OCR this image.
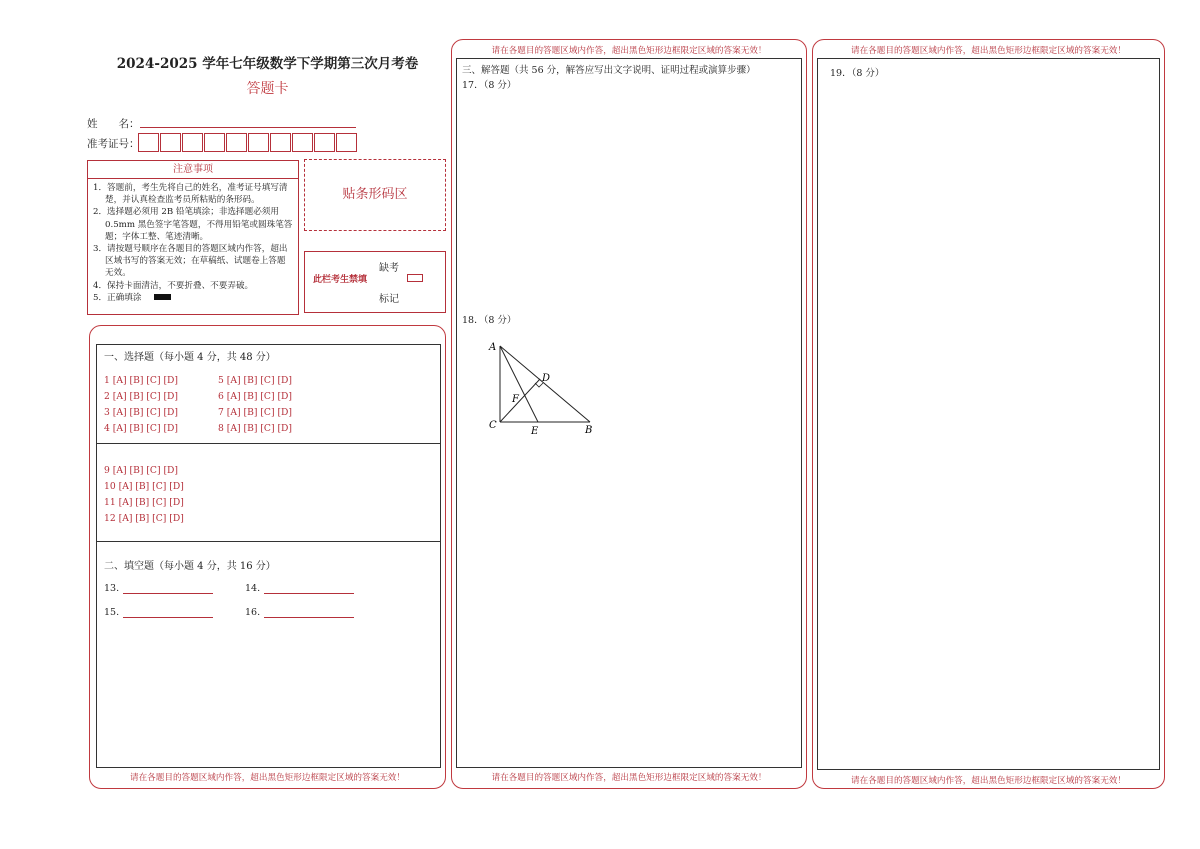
2024-2025 学年七年级数学下学期第三次月考卷
答题卡
姓　　名：
准考证号：
注意事项

1．答题前，考生先将自己的姓名，准考证号填写清楚，并认真检查监考员所粘贴的条形码。

2．选择题必须用 2B 铅笔填涂；非选择题必须用 0.5mm 黑色签字笔答题，不得用铅笔或圆珠笔答题；字体工整、笔迹清晰。

3．请按题号顺序在各题目的答题区域内作答，超出区域书写的答案无效；在草稿纸、试题卷上答题无效。

4．保持卡面清洁，不要折叠、不要弄破。

5．正确填涂

贴条形码区
此栏考生禁填
缺考
标记
一、选择题（每小题 4 分，共 48 分）
1 [A] [B] [C] [D]
2 [A] [B] [C] [D]
3 [A] [B] [C] [D]
4 [A] [B] [C] [D]
5 [A] [B] [C] [D]
6 [A] [B] [C] [D]
7 [A] [B] [C] [D]
8 [A] [B] [C] [D]
9 [A] [B] [C] [D]
10 [A] [B] [C] [D]
11 [A] [B] [C] [D]
12 [A] [B] [C] [D]
二、填空题（每小题 4 分，共 16 分）
13.	14.
15.	16.
请在各题目的答题区域内作答，超出黑色矩形边框限定区域的答案无效！
请在各题目的答题区域内作答，超出黑色矩形边框限定区域的答案无效！
三、解答题（共 56 分，解答应写出文字说明、证明过程或演算步骤）
17．（8 分）
18．（8 分）
A
D
F
C
E	B
请在各题目的答题区域内作答，超出黑色矩形边框限定区域的答案无效！
请在各题目的答题区域内作答，超出黑色矩形边框限定区域的答案无效！
19．（8 分）
请在各题目的答题区域内作答，超出黑色矩形边框限定区域的答案无效！
